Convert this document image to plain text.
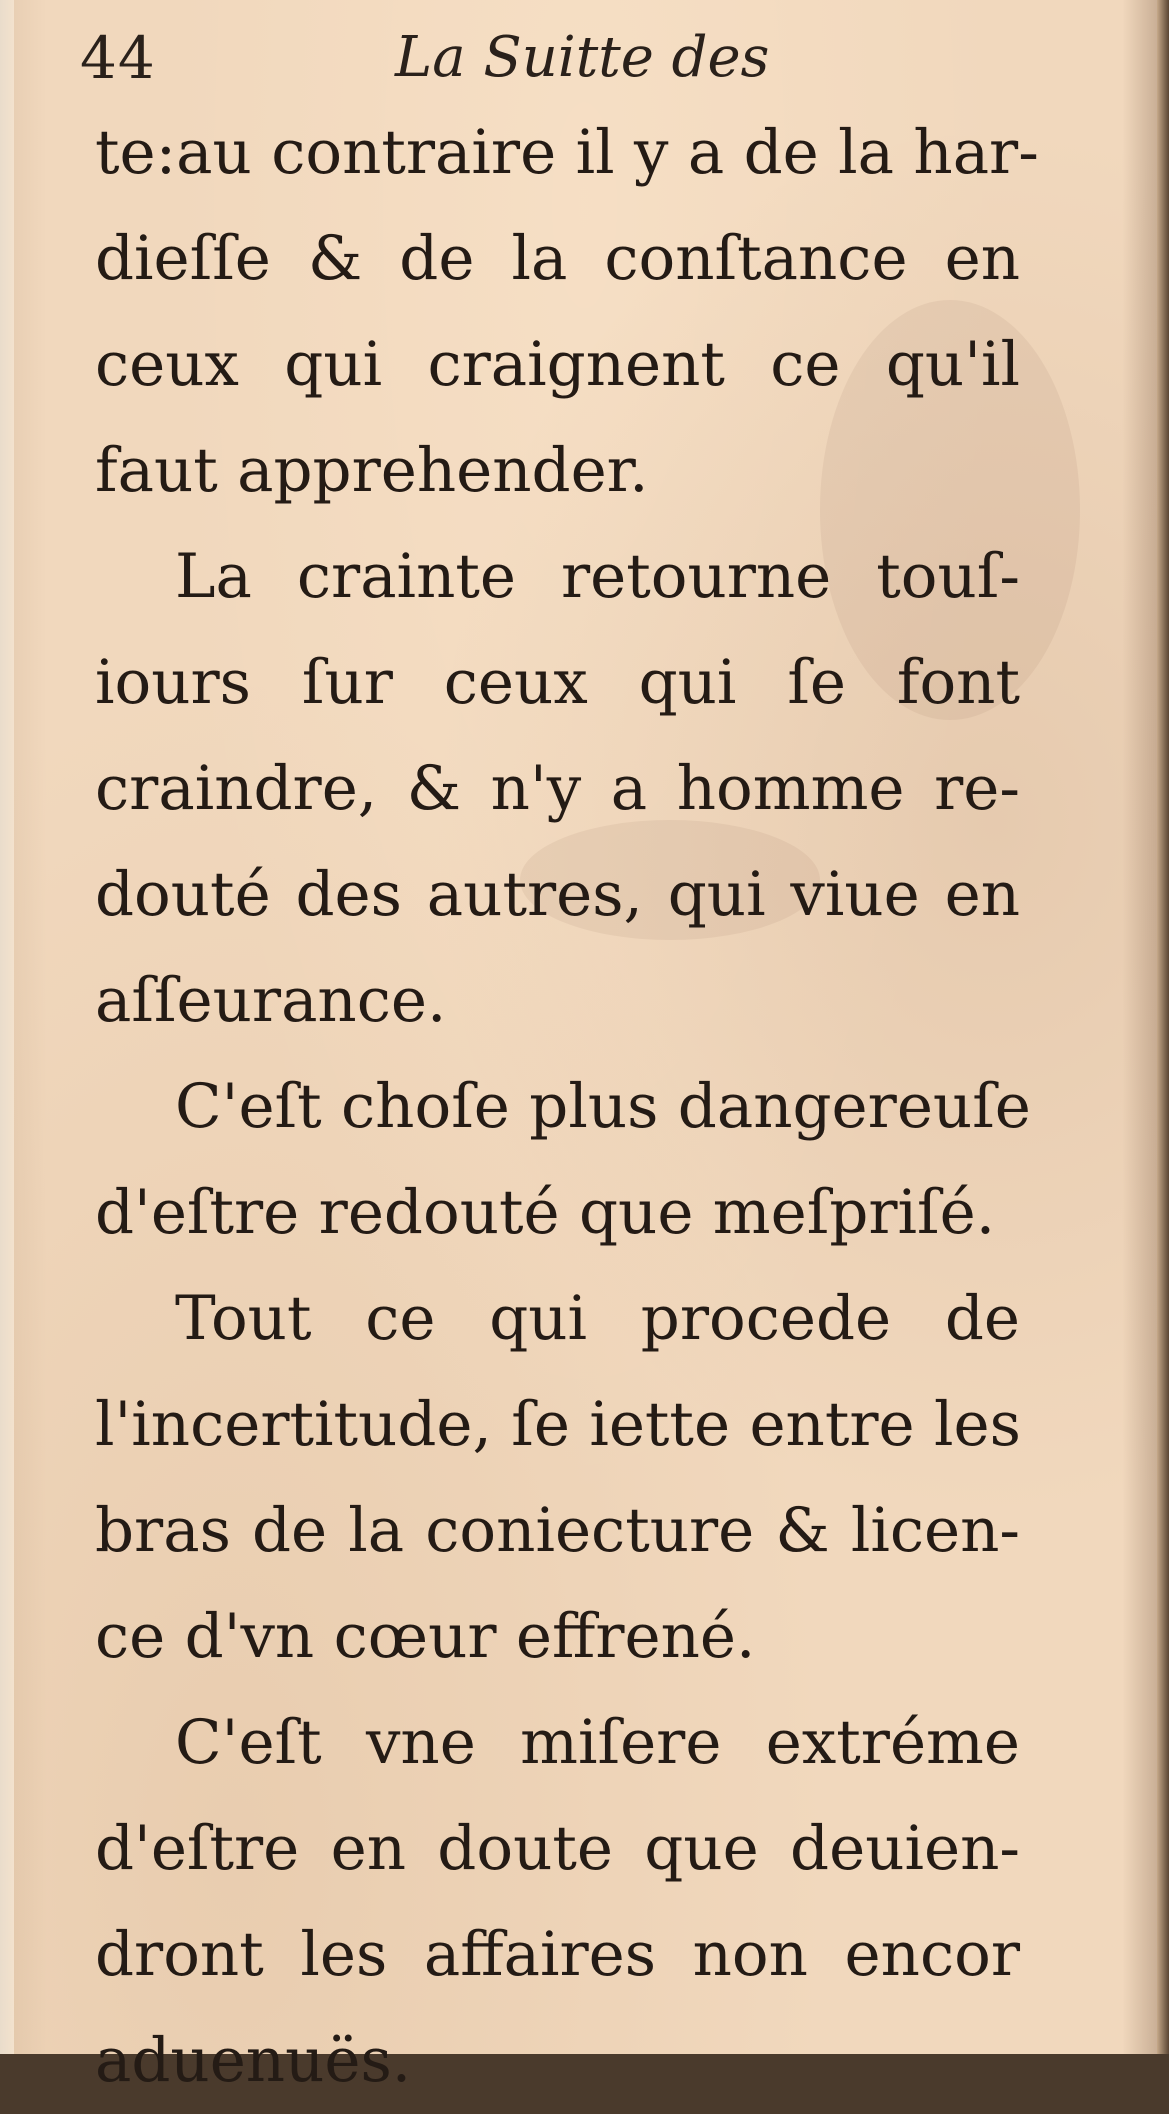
44	La Suitte des
te:au contraire il y a de la har-
dieſſe & de la conſtance en
ceux qui craignent ce qu'il
faut apprehender.
La crainte retourne touſ-
iours ſur ceux qui ſe font
craindre, & n'y a homme re-
douté des autres, qui viue en
aſſeurance.
C'eſt choſe plus dangereuſe
d'eſtre redouté que meſpriſé.
Tout ce qui procede de
l'incertitude, ſe iette entre les
bras de la coniecture & licen-
ce d'vn cœur effrené.
C'eſt vne miſere extréme
d'eſtre en doute que deuien-
dront les affaires non encor
aduenuës.
